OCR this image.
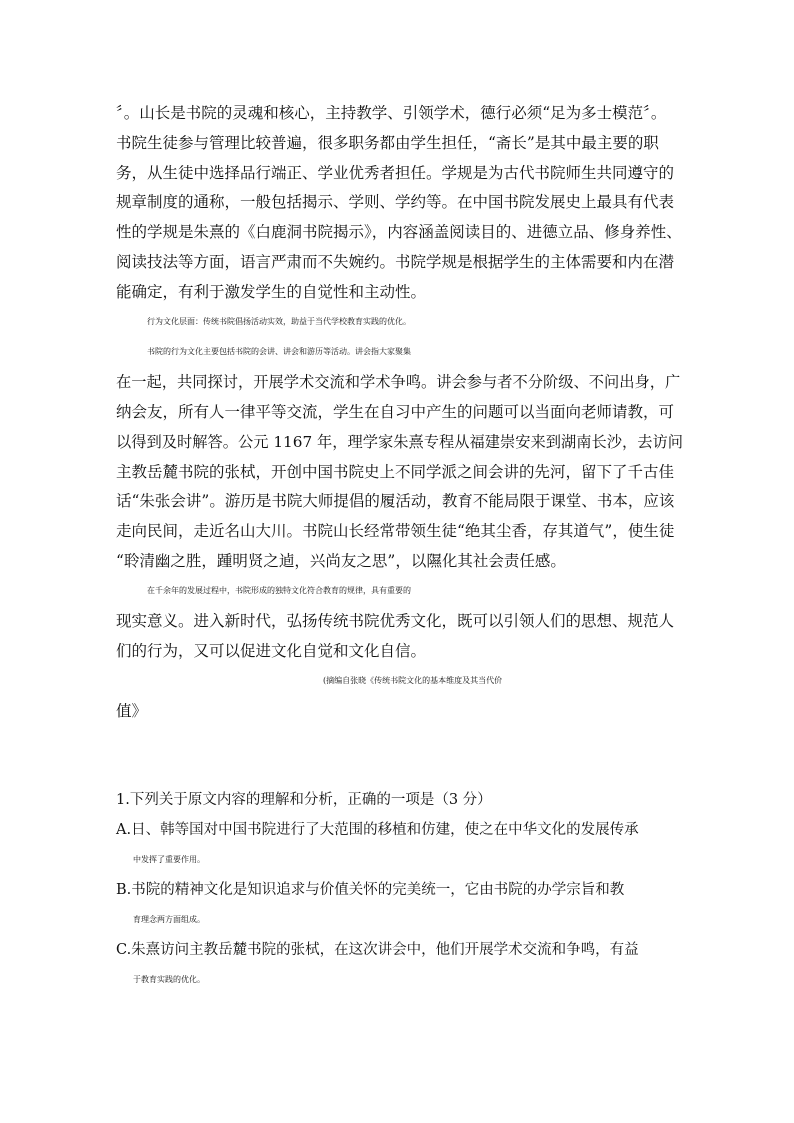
〞。山长是书院的灵魂和核心，主持教学、引领学术，德行必须“足为多士模范〞。
书院生徒参与管理比较普遍，很多职务都由学生担任，“斋长”是其中最主要的职
务，从生徒中选择品行端正、学业优秀者担任。学规是为古代书院师生共同遵守的
规章制度的通称，一般包括揭示、学则、学约等。在中国书院发展史上最具有代表
性的学规是朱熹的《白鹿洞书院揭示》，内容涵盖阅读目的、进德立品、修身养性、
阅读技法等方面，语言严肃而不失婉约。书院学规是根据学生的主体需要和内在潜
能确定，有利于激发学生的自觉性和主动性。
行为文化层面：传统书院倡扬活动实效，助益于当代学校教育实践的优化。
书院的行为文化主要包括书院的会讲、讲会和游历等活动。讲会指大家聚集
在一起，共同探讨，开展学术交流和学术争鸣。讲会参与者不分阶级、不问出身，广
纳会友，所有人一律平等交流，学生在自习中产生的问题可以当面向老师请教，可
以得到及时解答。公元 1167 年，理学家朱熹专程从福建崇安来到湖南长沙，去访问
主教岳麓书院的张栻，开创中国书院史上不同学派之间会讲的先河，留下了千古佳
话“朱张会讲”。游历是书院大师提倡的履活动，教育不能局限于课堂、书本，应该
走向民间，走近名山大川。书院山长经常带领生徒“绝其尘香，存其道气”，使生徒
“聆清幽之胜，踵明贤之逌，兴尚友之思”，以隰化其社会责任感。
在千余年的发展过程中，书院形成的独特文化符合教育的规律，具有重要的
现实意义。进入新时代，弘扬传统书院优秀文化，既可以引领人们的思想、规范人
们的行为，又可以促进文化自觉和文化自信。
(摘编自张晓《传统书院文化的基本维度及其当代价
值》
1.下列关于原文内容的理解和分析，正确的一项是（3 分）
A.日、韩等国对中国书院进行了大范围的移植和仿建，使之在中华文化的发展传承
中发挥了重要作用。
B.书院的精神文化是知识追求与价值关怀的完美统一，它由书院的办学宗旨和教
育理念两方面组成。
C.朱熹访问主教岳麓书院的张栻，在这次讲会中，他们开展学术交流和争鸣，有益
于教育实践的优化。
